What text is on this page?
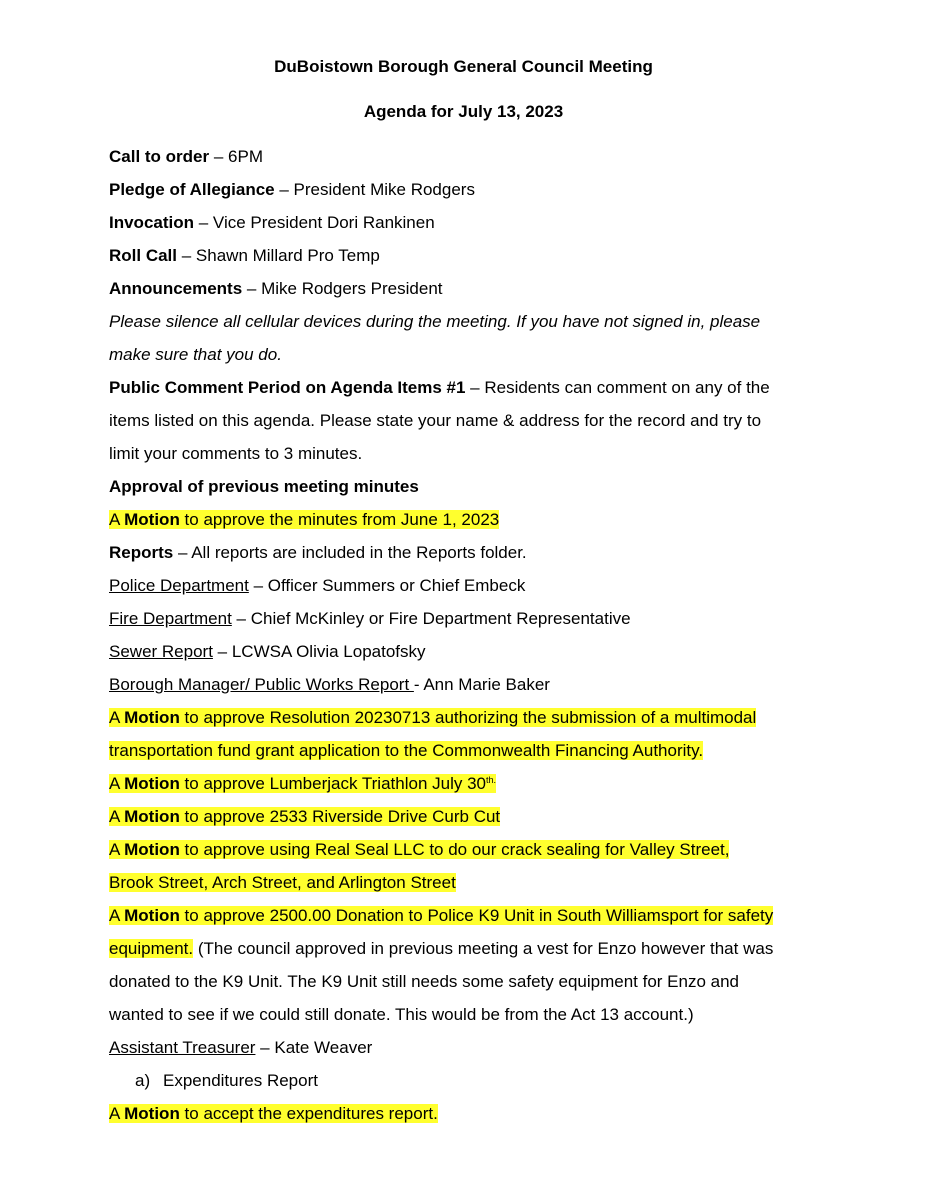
DuBoistown Borough General Council Meeting
Agenda for July 13, 2023
Call to order – 6PM
Pledge of Allegiance – President Mike Rodgers
Invocation – Vice President Dori Rankinen
Roll Call – Shawn Millard Pro Temp
Announcements – Mike Rodgers President
Please silence all cellular devices during the meeting. If you have not signed in, please
make sure that you do.
Public Comment Period on Agenda Items #1 – Residents can comment on any of the
items listed on this agenda. Please state your name & address for the record and try to
limit your comments to 3 minutes.
Approval of previous meeting minutes
A Motion to approve the minutes from June 1, 2023
Reports – All reports are included in the Reports folder.
Police Department – Officer Summers or Chief Embeck
Fire Department – Chief McKinley or Fire Department Representative
Sewer Report – LCWSA Olivia Lopatofsky
Borough Manager/ Public Works Report - Ann Marie Baker
A Motion to approve Resolution 20230713 authorizing the submission of a multimodal
transportation fund grant application to the Commonwealth Financing Authority.
A Motion to approve Lumberjack Triathlon July $30^{th.}$
A Motion to approve 2533 Riverside Drive Curb Cut
A Motion to approve using Real Seal LLC to do our crack sealing for Valley Street,
Brook Street, Arch Street, and Arlington Street
A Motion to approve 2500.00 Donation to Police K9 Unit in South Williamsport for safety
equipment. (The council approved in previous meeting a vest for Enzo however that was
donated to the K9 Unit. The K9 Unit still needs some safety equipment for Enzo and
wanted to see if we could still donate. This would be from the Act 13 account.)
Assistant Treasurer – Kate Weaver
a) Expenditures Report
A Motion to accept the expenditures report.
